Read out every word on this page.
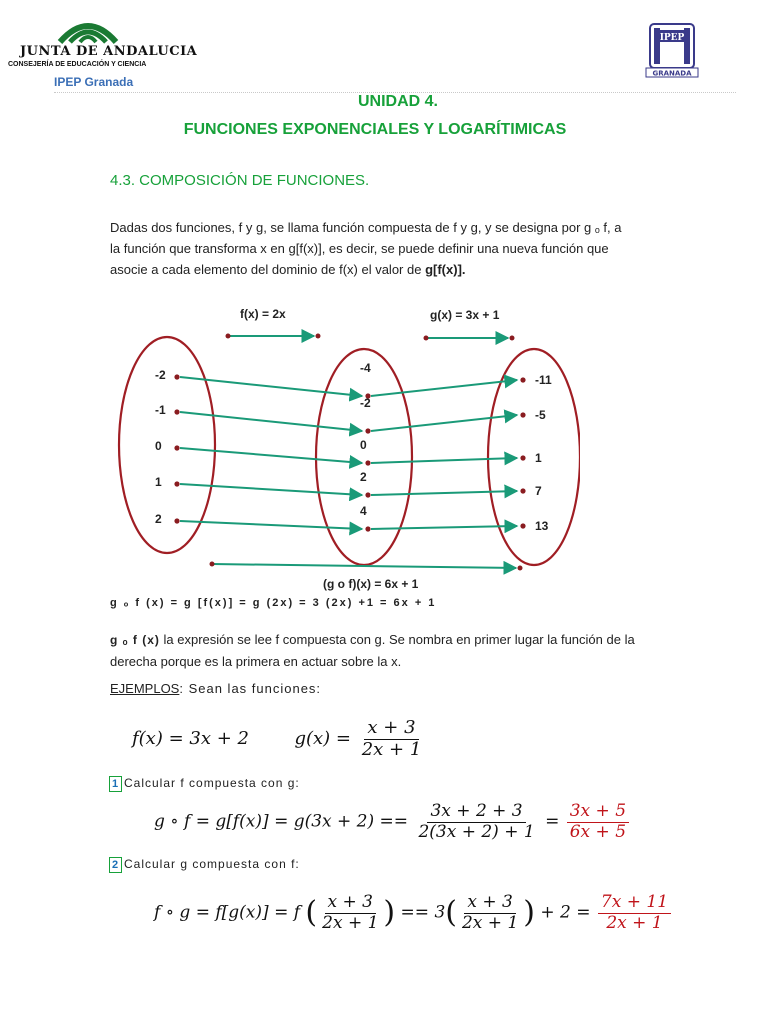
JUNTA DE ANDALUCIA
CONSEJERÍA DE EDUCACIÓN Y CIENCIA
IPEP Granada
IPEP
GRANADA
UNIDAD 4.
FUNCIONES EXPONENCIALES Y LOGARÍTIMICAS
4.3. COMPOSICIÓN DE FUNCIONES.

Dadas dos funciones, f y g, se llama función compuesta de f y g, y se designa por g ₒ f, a

la función que transforma x en g[f(x)], es decir, se puede definir una nueva función que

asocie a cada elemento del dominio de f(x) el valor de g[f(x)].

f(x) = 2x	g(x) = 3x + 1
(g o f)(x) = 6x + 1
-2	-4
-11
-1	-2
-5
0	0
1
1	2
7
2
4
13
g ₒ f (x) = g [f(x)] = g (2x) = 3 (2x) +1 = 6x + 1

g ₒ f (x) la expresión se lee f compuesta con g. Se nombra en primer lugar la función de la

derecha porque es la primera en actuar sobre la x.

EJEMPLOS: Sean las funciones:
f(x) = 3x + 2	$g(x) = \frac{x + 3}{2x + 1}$
1 Calcular f compuesta con g:
g ∘ $f = g[f(x)] = g(3x + 2) == \frac{3x + 2 + 3}{2(3x + 2) + 1} = \frac{3x + 5}{6x + 5}$
2 Calcular g compuesta con f:
f ∘ g = f[g(x)] = f ( $\frac{x + 3}{2x + 1}$ ) == $3( \frac{x + 3}{2x + 1}$ ) + $2 = \frac{7x + 11}{2x + 1}$
